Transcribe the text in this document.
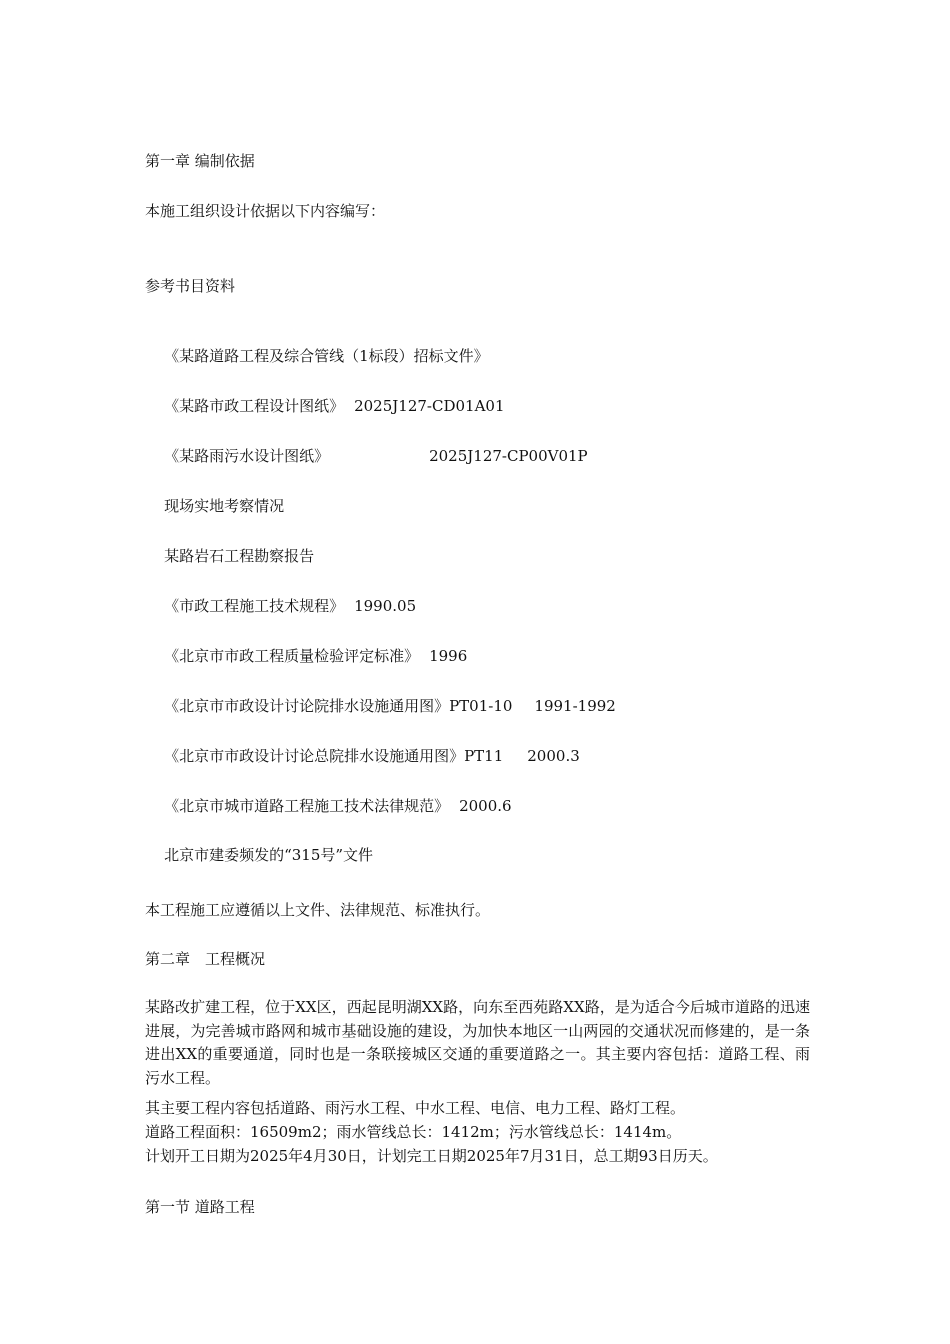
第一章 编制依据
本施工组织设计依据以下内容编写：
参考书目资料

《某路道路工程及综合管线（1标段）招标文件》

《某路市政工程设计图纸》 2025J127-CD01A01

《某路雨污水设计图纸》	2025J127-CP00V01P

现场实地考察情况

某路岩石工程勘察报告

《市政工程施工技术规程》 1990.05

《北京市市政工程质量检验评定标准》 1996

《北京市市政设计讨论院排水设施通用图》PT01-10 1991-1992

《北京市市政设计讨论总院排水设施通用图》PT11 2000.3

《北京市城市道路工程施工技术法律规范》 2000.6

北京市建委频发的“315号”文件

本工程施工应遵循以上文件、法律规范、标准执行。
第二章　工程概况
某路改扩建工程，位于XX区，西起昆明湖XX路，向东至西苑路XX路，是为适合今后城市道路的迅速进展，为完善城市路网和城市基础设施的建设，为加快本地区一山两园的交通状况而修建的，是一条进出XX的重要通道，同时也是一条联接城区交通的重要道路之一。其主要内容包括：道路工程、雨污水工程。
其主要工程内容包括道路、雨污水工程、中水工程、电信、电力工程、路灯工程。
道路工程面积：16509m2；雨水管线总长：1412m；污水管线总长：1414m。
计划开工日期为2025年4月30日，计划完工日期2025年7月31日，总工期93日历天。
第一节 道路工程
